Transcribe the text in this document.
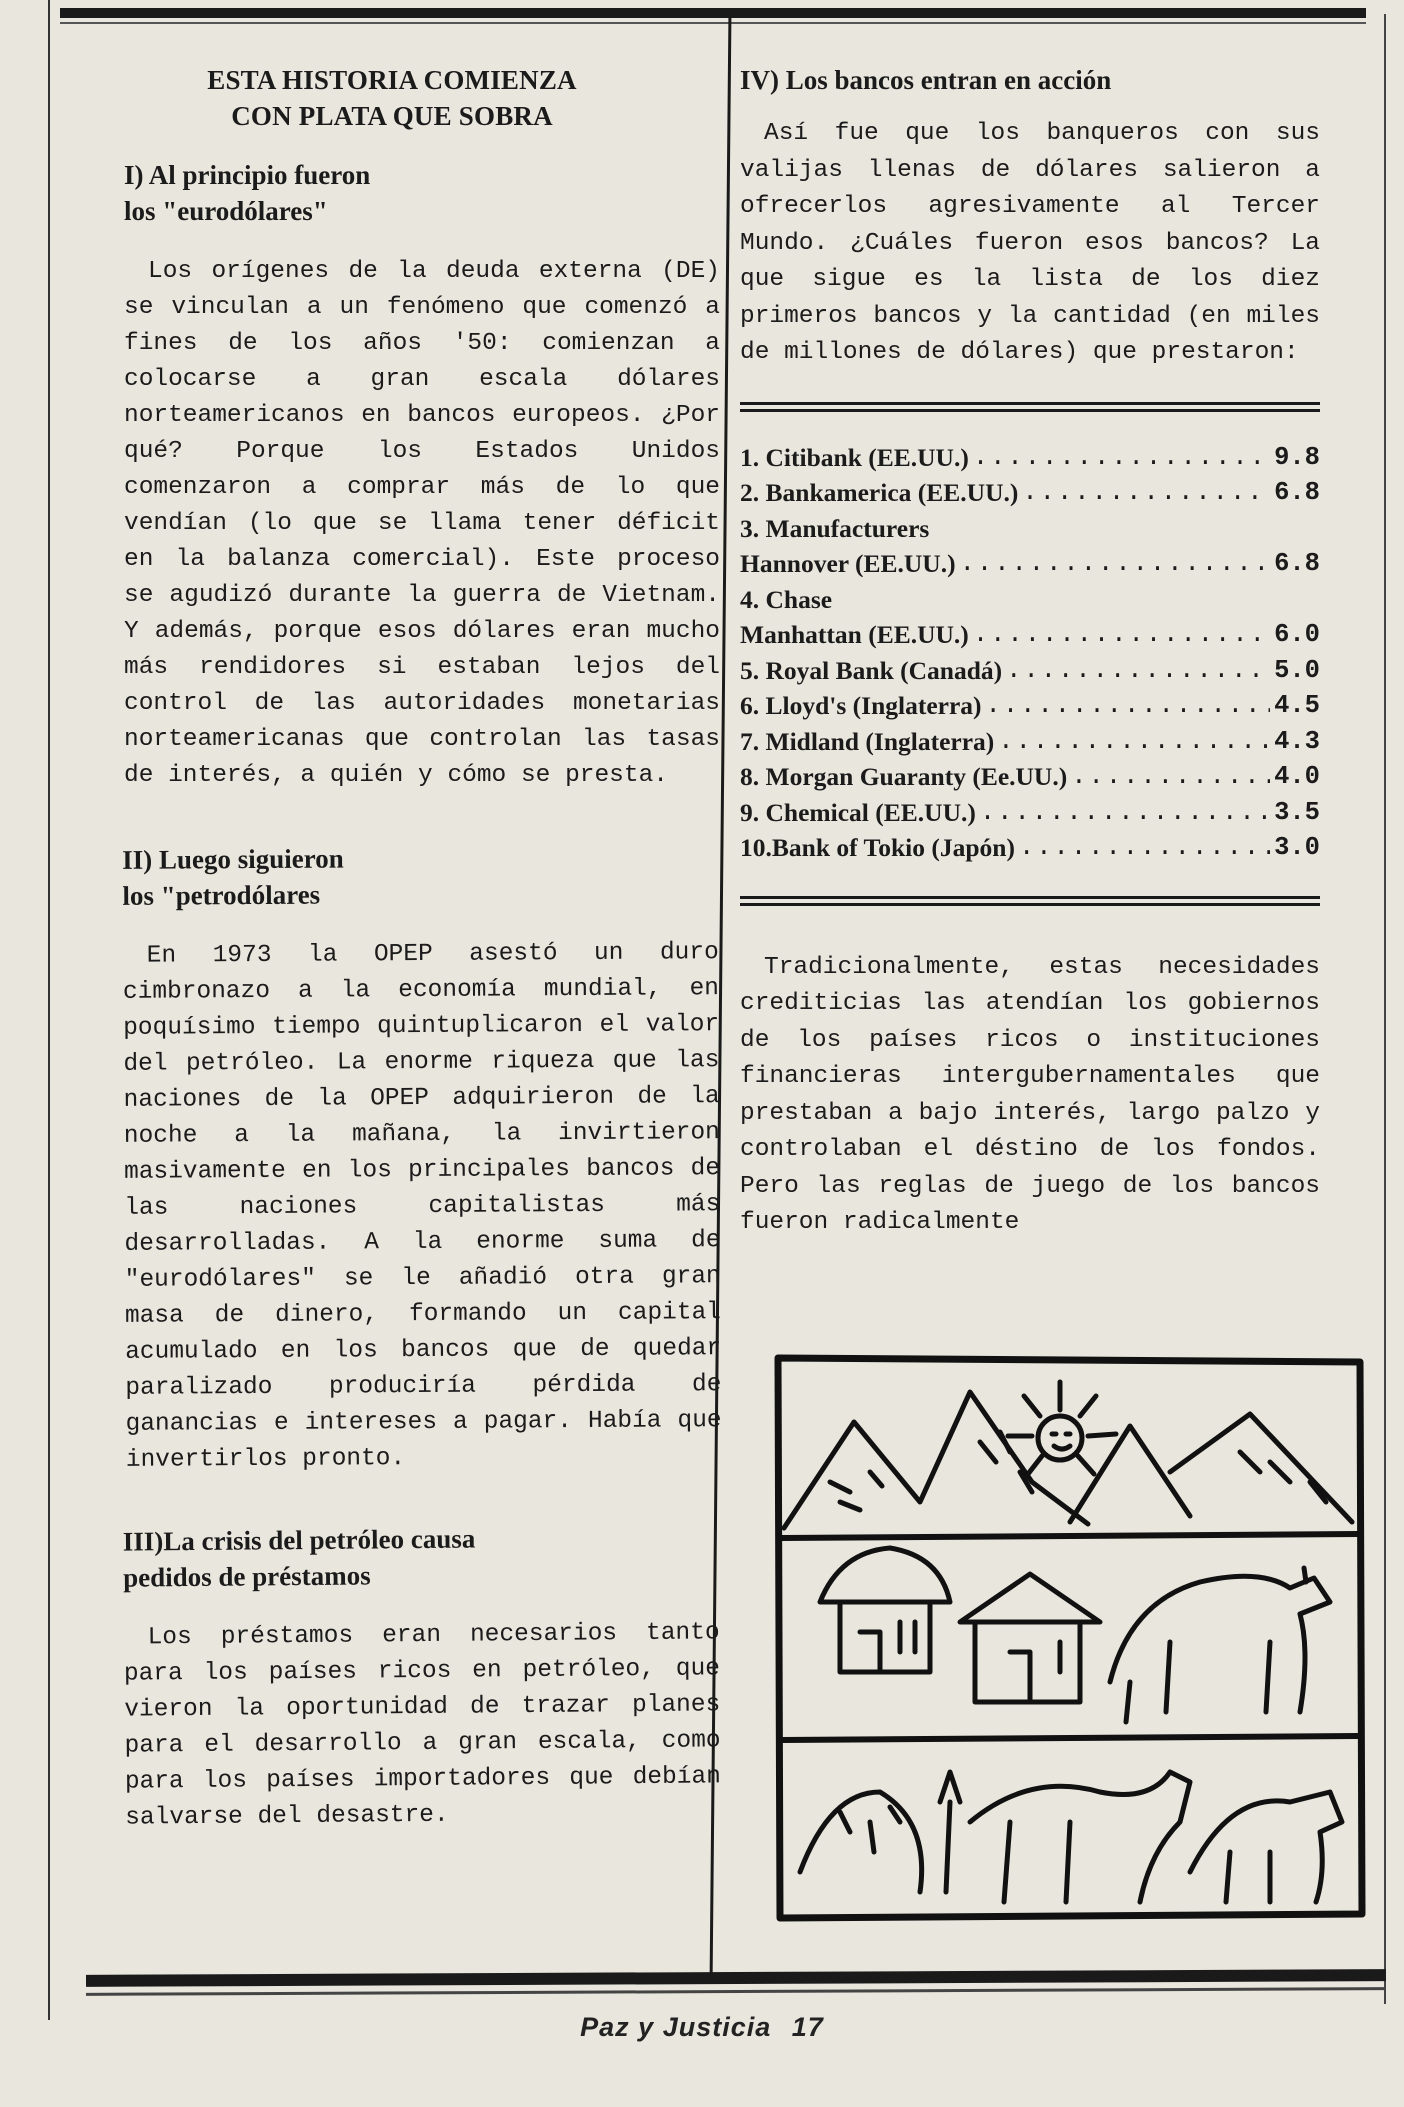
ESTA HISTORIA COMIENZA
CON PLATA QUE SOBRA
I) Al principio fueron
los "eurodólares"

Los orígenes de la deuda externa (DE) se vinculan a un fenómeno que comenzó a fines de los años '50: comienzan a colocarse a gran escala dólares norteamericanos en bancos europeos. ¿Por qué? Porque los Estados Unidos comenzaron a comprar más de lo que vendían (lo que se llama tener déficit en la balanza comercial). Este proceso se agudizó durante la guerra de Vietnam. Y además, porque esos dólares eran mucho más rendidores si estaban lejos del control de las autoridades monetarias norteamericanas que controlan las tasas de interés, a quién y cómo se presta.

II) Luego siguieron
los "petrodólares

En 1973 la OPEP asestó un duro cimbronazo a la economía mundial, en poquísimo tiempo quintuplicaron el valor del petróleo. La enorme riqueza que las naciones de la OPEP adquirieron de la noche a la mañana, la invirtieron masivamente en los principales bancos de las naciones capitalistas más desarrolladas. A la enorme suma de "eurodólares" se le añadió otra gran masa de dinero, formando un capital acumulado en los bancos que de quedar paralizado produciría pérdida de ganancias e intereses a pagar. Había que invertirlos pronto.

III)La crisis del petróleo causa
pedidos de préstamos

Los préstamos eran necesarios tanto para los países ricos en petróleo, que vieron la oportunidad de trazar planes para el desarrollo a gran escala, como para los países importadores que debían salvarse del desastre.

IV) Los bancos entran en acción

Así fue que los banqueros con sus valijas llenas de dólares salieron a ofrecerlos agresivamente al Tercer Mundo. ¿Cuáles fueron esos bancos? La que sigue es la lista de los diez primeros bancos y la cantidad (en miles de millones de dólares) que prestaron:

1. Citibank (EE.UU.) .....	9.8
2. Bankamerica (EE.UU.) .....	6.8
3. Manufacturers
Hannover (EE.UU.) .....	6.8
4. Chase
Manhattan (EE.UU.) .....	6.0
5. Royal Bank (Canadá) .....	5.0
6. Lloyd's (Inglaterra) .....	4.5
7. Midland (Inglaterra) .....	4.3
8. Morgan Guaranty (Ee.UU.) .....	4.0
9. Chemical (EE.UU.) .....	3.5
10.Bank of Tokio (Japón) .....	3.0

Tradicionalmente, estas necesidades crediticias las atendían los gobiernos de los países ricos o instituciones financieras intergubernamentales que prestaban a bajo interés, largo palzo y controlaban el déstino de los fondos. Pero las reglas de juego de los bancos fueron radicalmente

Paz y Justicia 17
